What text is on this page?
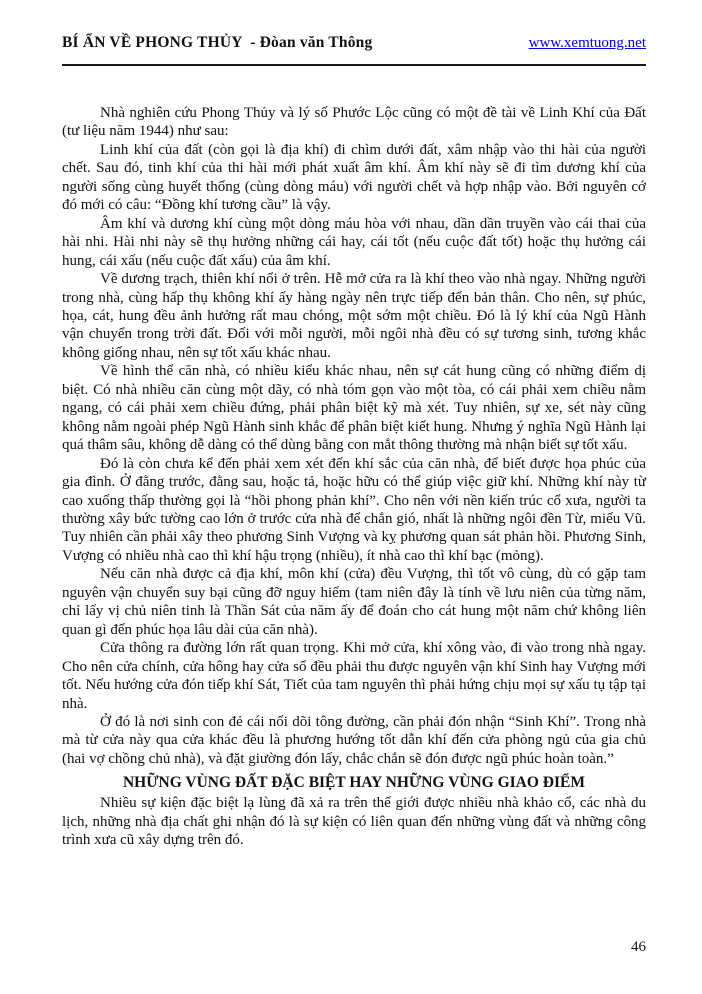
BÍ ẨN VỀ PHONG THỦY  - Đòan văn Thông	www.xemtuong.net

Nhà nghiên cứu Phong Thủy và lý số Phước Lộc cũng có một đề tài về Linh Khí của Đất (tư liệu năm 1944) như sau:

Linh khí của đất (còn gọi là địa khí) đi chìm dưới đất, xâm nhập vào thi hài của người chết. Sau đó, tinh khí của thi hài mới phát xuất âm khí. Âm khí này sẽ đi tìm dương khí của người sống cùng huyết thống (cùng dòng máu) với người chết và hợp nhập vào. Bởi nguyên cớ đó mới có câu: “Đồng khí tương cầu” là vậy.

Âm khí và dương khí cùng một dòng máu hòa với nhau, dần dần truyền vào cái thai của hài nhi. Hài nhi này sẽ thụ hưởng những cái hay, cái tốt (nếu cuộc đất tốt) hoặc thụ hưởng cái hung, cái xấu (nếu cuộc đất xấu) của âm khí.

Về dương trạch, thiên khí nổi ở trên. Hễ mở cửa ra là khí theo vào nhà ngay. Những người trong nhà, cùng hấp thụ không khí ấy hàng ngày nên trực tiếp đến bản thân. Cho nên, sự phúc, họa, cát, hung đều ảnh hưởng rất mau chóng, một sớm một chiều. Đó là lý khí của Ngũ Hành vận chuyển trong trời đất. Đối với mỗi người, mỗi ngôi nhà đều có sự tương sinh, tương khắc không giống nhau, nên sự tốt xấu khác nhau.

Về hình thể căn nhà, có nhiều kiểu khác nhau, nên sự cát hung cũng có những điểm dị biệt. Có nhà nhiều căn cùng một dãy, có nhà tóm gọn vào một tòa, có cái phải xem chiều nằm ngang, có cái phải xem chiều đứng, phải phân biệt kỹ mà xét. Tuy nhiên, sự xe, sét này cũng không nằm ngoài phép Ngũ Hành sinh khắc để phân biệt kiết hung. Nhưng ý nghĩa Ngũ Hành lại quá thâm sâu, không dễ dàng có thể dùng bằng con mắt thông thường mà nhận biết sự tốt xấu.

Đó là còn chưa kể đến phải xem xét đến khí sắc của căn nhà, để biết được họa phúc của gia đình. Ở đằng trước, đằng sau, hoặc tả, hoặc hữu có thể giúp việc giữ khí. Những khí này từ cao xuống thấp thường gọi là “hồi phong phản khí”. Cho nên với nền kiến trúc cổ xưa, người ta thường xây bức tường cao lớn ở trước cửa nhà để chắn gió, nhất là những ngôi đền Từ, miếu Vũ. Tuy nhiên cần phải xây theo phương Sinh Vượng và kỵ phương quan sát phản hồi. Phương Sinh, Vượng có nhiều nhà cao thì khí hậu trọng (nhiều), ít nhà cao thì khí bạc (mỏng).

Nếu căn nhà được cả địa khí, môn khí (cửa) đều Vượng, thì tốt vô cùng, dù có gặp tam nguyên vận chuyển suy bại cũng đỡ nguy hiểm (tam niên đây là tính về lưu niên của từng năm, chỉ lấy vị chủ niên tinh là Thần Sát của năm ấy để đoán cho cát hung một năm chứ không liên quan gì đến phúc họa lâu dài của căn nhà).

Cửa thông ra đường lớn rất quan trọng. Khi mở cửa, khí xông vào, đi vào trong nhà ngay. Cho nên cửa chính, cửa hông hay cửa sổ đều phải thu được nguyên vận khí Sinh hay Vượng mới tốt. Nếu hướng cửa đón tiếp khí Sát, Tiết của tam nguyên thì phải hứng chịu mọi sự xấu tụ tập tại nhà.

Ở đó là nơi sinh con đẻ cái nối dõi tông đường, cần phải đón nhận “Sinh Khí”. Trong nhà mà từ cửa này qua cửa khác đều là phương hướng tốt dẫn khí đến cửa phòng ngủ của gia chủ (hai vợ chồng chủ nhà), và đặt giường đón lấy, chắc chắn sẽ đón được ngũ phúc hoàn toàn.”

NHỮNG VÙNG ĐẤT ĐẶC BIỆT HAY NHỮNG VÙNG GIAO ĐIỂM

Nhiều sự kiện đặc biệt lạ lùng đã xả ra trên thế giới được nhiều nhà khảo cổ, các nhà du lịch, những nhà địa chất ghi nhận đó là sự kiện có liên quan đến những vùng đất và những công trình xưa cũ xây dựng trên đó.

46
